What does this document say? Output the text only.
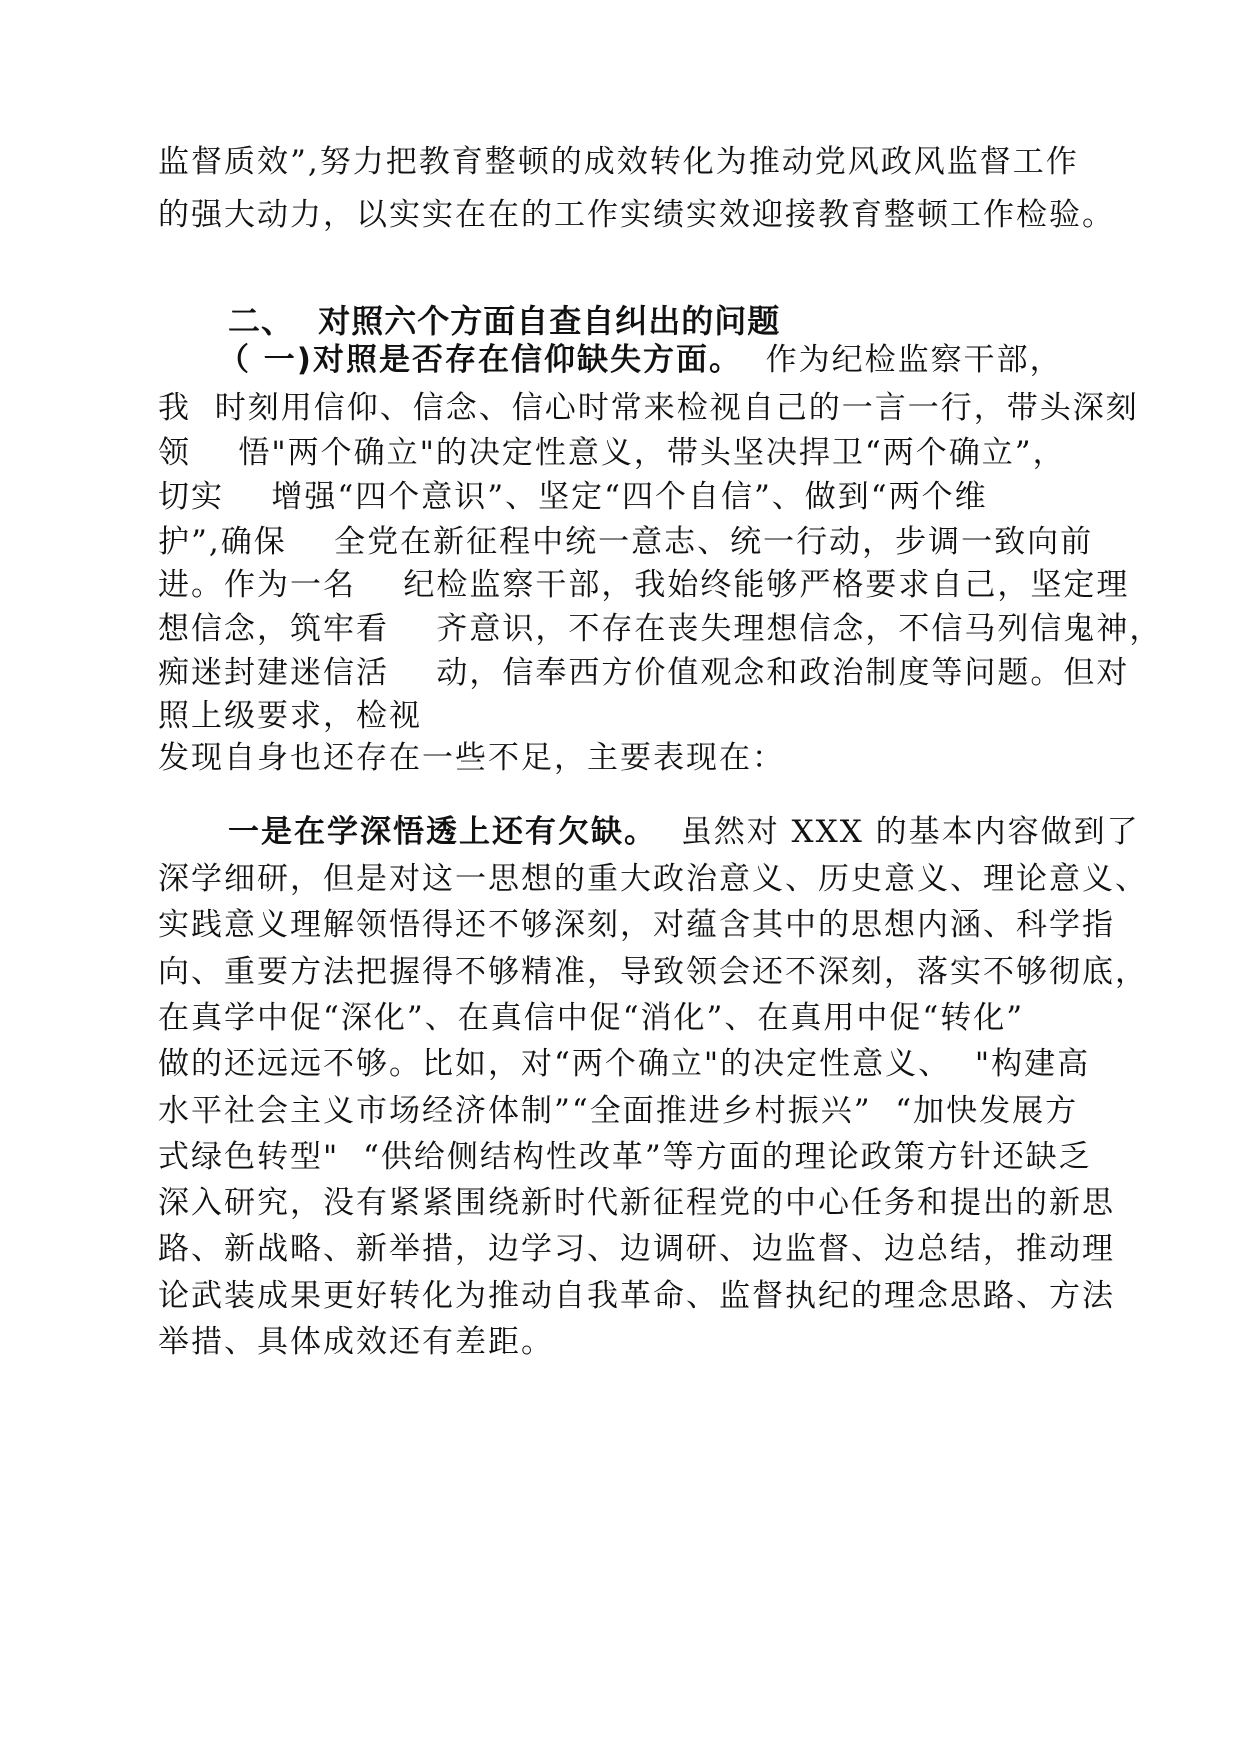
监督质效”,努力把教育整顿的成效转化为推动党风政风监督工作
的强大动力，以实实在在的工作实绩实效迎接教育整顿工作检验。
二、  对照六个方面自查自纠出的问题
（ 一)对照是否存在信仰缺失方面。  作为纪检监察干部，
我  时刻用信仰、信念、信心时常来检视自己的一言一行，带头深刻
领    悟"两个确立"的决定性意义，带头坚决捍卫“两个确立”，
切实    增强“四个意识”、坚定“四个自信”、做到“两个维
护”,确保    全党在新征程中统一意志、统一行动，步调一致向前
进。作为一名    纪检监察干部，我始终能够严格要求自己，坚定理
想信念，筑牢看    齐意识，不存在丧失理想信念，不信马列信鬼神，
痴迷封建迷信活    动，信奉西方价值观念和政治制度等问题。但对
照上级要求，检视
发现自身也还存在一些不足，主要表现在：
一是在学深悟透上还有欠缺。  虽然对 XXX 的基本内容做到了
深学细研，但是对这一思想的重大政治意义、历史意义、理论意义、
实践意义理解领悟得还不够深刻，对蕴含其中的思想内涵、科学指
向、重要方法把握得不够精准，导致领会还不深刻，落实不够彻底，
在真学中促“深化”、在真信中促“消化”、在真用中促“转化”
做的还远远不够。比如，对“两个确立"的决定性意义、  "构建高
水平社会主义市场经济体制”“全面推进乡村振兴”  “加快发展方
式绿色转型"  “供给侧结构性改革”等方面的理论政策方针还缺乏
深入研究，没有紧紧围绕新时代新征程党的中心任务和提出的新思
路、新战略、新举措，边学习、边调研、边监督、边总结，推动理
论武装成果更好转化为推动自我革命、监督执纪的理念思路、方法
举措、具体成效还有差距。
